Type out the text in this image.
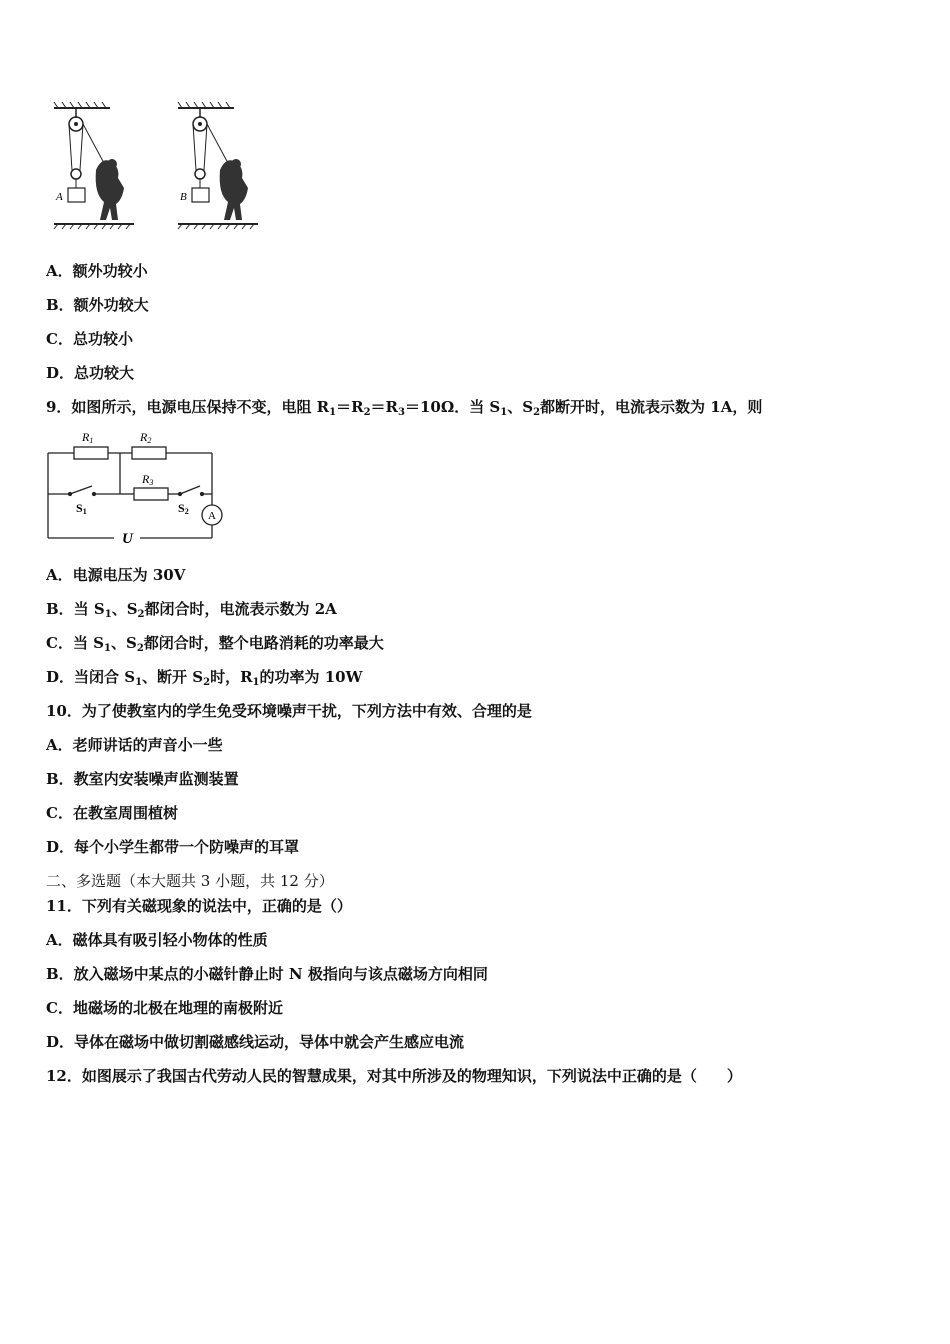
A	B
A．额外功较小
B．额外功较大
C．总功较小
D．总功较大
9．如图所示，电源电压保持不变，电阻 $R_1=R_2=R_3=10\Omega$．当 $S_1$、$S_2$都断开时，电流表示数为 1A，则
R1	R2
R3
S1	S2 A
U
A．电源电压为 30V
B．当 $S_1$、$S_2$都闭合时，电流表示数为 2A
C．当 $S_1$、$S_2$都闭合时，整个电路消耗的功率最大
D．当闭合 $S_1$、断开 $S_2$时，$R_1$的功率为 10W
10．为了使教室内的学生免受环境噪声干扰，下列方法中有效、合理的是
A．老师讲话的声音小一些
B．教室内安装噪声监测装置
C．在教室周围植树
D．每个小学生都带一个防噪声的耳罩
二、多选题（本大题共 3 小题，共 12 分）
11．下列有关磁现象的说法中，正确的是（）
A．磁体具有吸引轻小物体的性质
B．放入磁场中某点的小磁针静止时 N 极指向与该点磁场方向相同
C．地磁场的北极在地理的南极附近
D．导体在磁场中做切割磁感线运动，导体中就会产生感应电流
12．如图展示了我国古代劳动人民的智慧成果，对其中所涉及的物理知识，下列说法中正确的是（　　）
